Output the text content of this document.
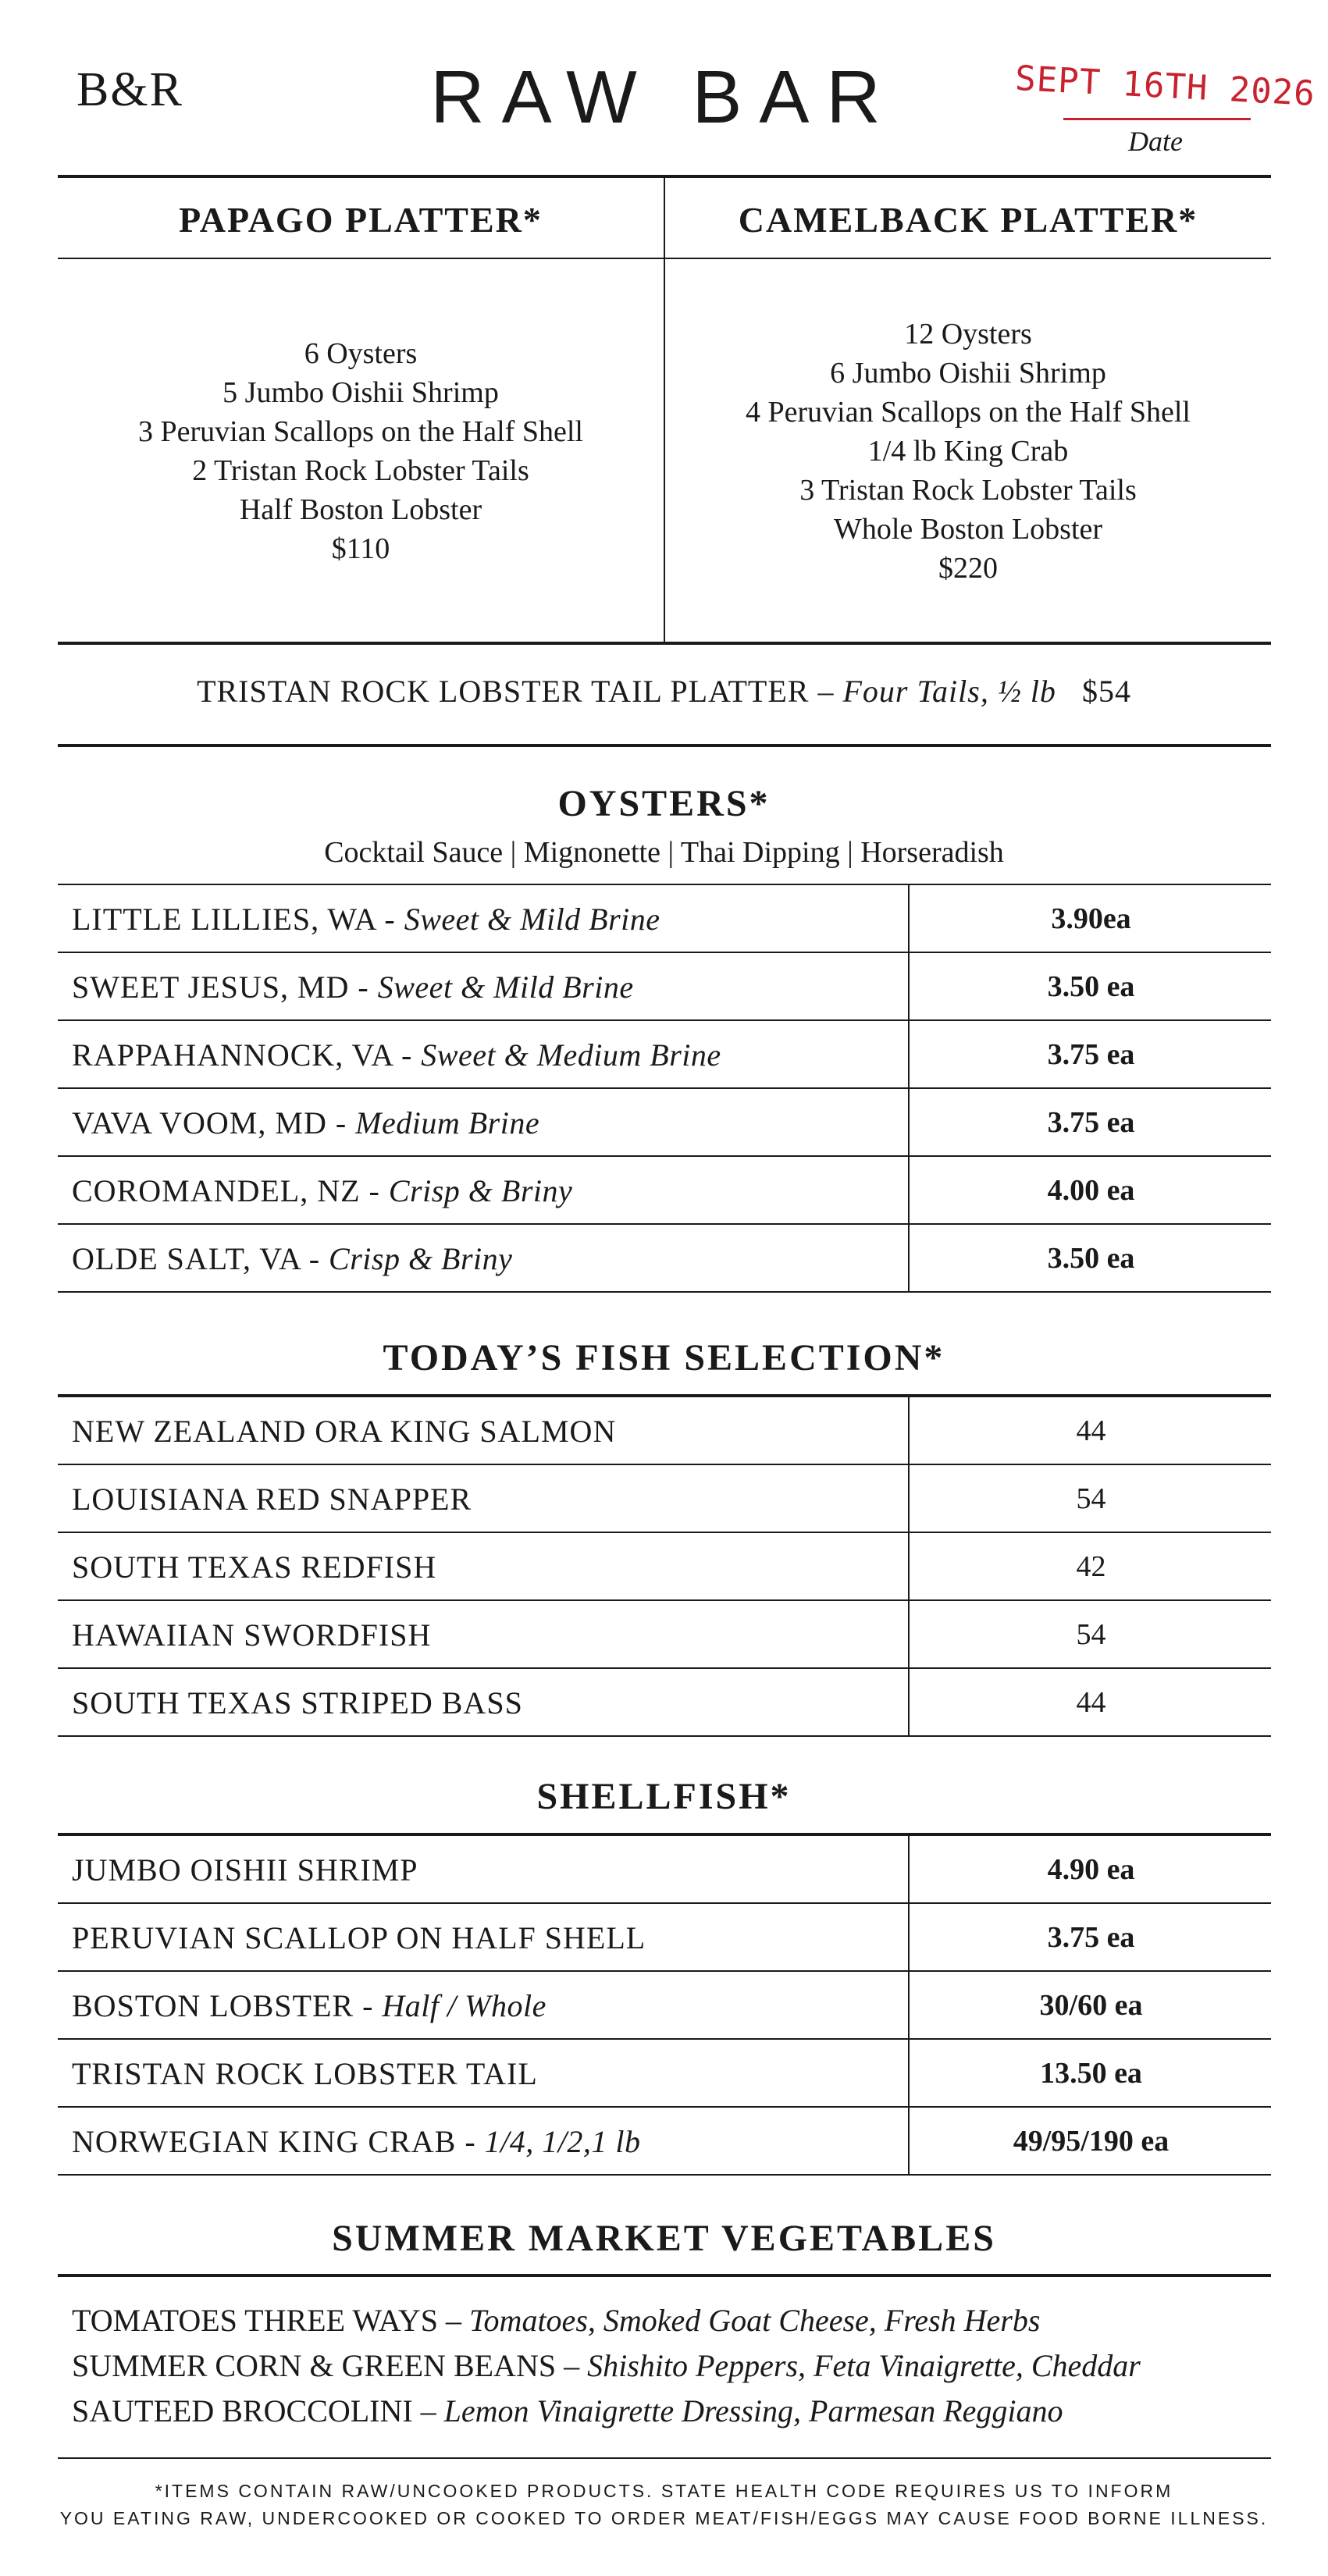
B&R	RAW BAR	SEPT 16TH 2026
Date
PAPAGO PLATTER*	CAMELBACK PLATTER*
6 Oysters
5 Jumbo Oishii Shrimp
3 Peruvian Scallops on the Half Shell
2 Tristan Rock Lobster Tails
Half Boston Lobster
$110
12 Oysters
6 Jumbo Oishii Shrimp
4 Peruvian Scallops on the Half Shell
1/4 lb King Crab
3 Tristan Rock Lobster Tails
Whole Boston Lobster
$220
TRISTAN ROCK LOBSTER TAIL PLATTER – Four Tails, ½ lb $54
OYSTERS*
Cocktail Sauce | Mignonette | Thai Dipping | Horseradish
LITTLE LILLIES, WA - Sweet & Mild Brine	3.90ea
SWEET JESUS, MD - Sweet & Mild Brine	3.50 ea
RAPPAHANNOCK, VA - Sweet & Medium Brine	3.75 ea
VAVA VOOM, MD - Medium Brine	3.75 ea
COROMANDEL, NZ - Crisp & Briny	4.00 ea
OLDE SALT, VA - Crisp & Briny	3.50 ea
TODAY’S FISH SELECTION*
NEW ZEALAND ORA KING SALMON	44
LOUISIANA RED SNAPPER	54
SOUTH TEXAS REDFISH	42
HAWAIIAN SWORDFISH	54
SOUTH TEXAS STRIPED BASS	44
SHELLFISH*
JUMBO OISHII SHRIMP	4.90 ea
PERUVIAN SCALLOP ON HALF SHELL	3.75 ea
BOSTON LOBSTER - Half / Whole	30/60 ea
TRISTAN ROCK LOBSTER TAIL	13.50 ea
NORWEGIAN KING CRAB - 1/4, 1/2,1 lb	49/95/190 ea
SUMMER MARKET VEGETABLES
TOMATOES THREE WAYS – Tomatoes, Smoked Goat Cheese, Fresh Herbs
SUMMER CORN & GREEN BEANS – Shishito Peppers, Feta Vinaigrette, Cheddar
SAUTEED BROCCOLINI – Lemon Vinaigrette Dressing, Parmesan Reggiano
*ITEMS CONTAIN RAW/UNCOOKED PRODUCTS. STATE HEALTH CODE REQUIRES US TO INFORM
YOU EATING RAW, UNDERCOOKED OR COOKED TO ORDER MEAT/FISH/EGGS MAY CAUSE FOOD BORNE ILLNESS.
